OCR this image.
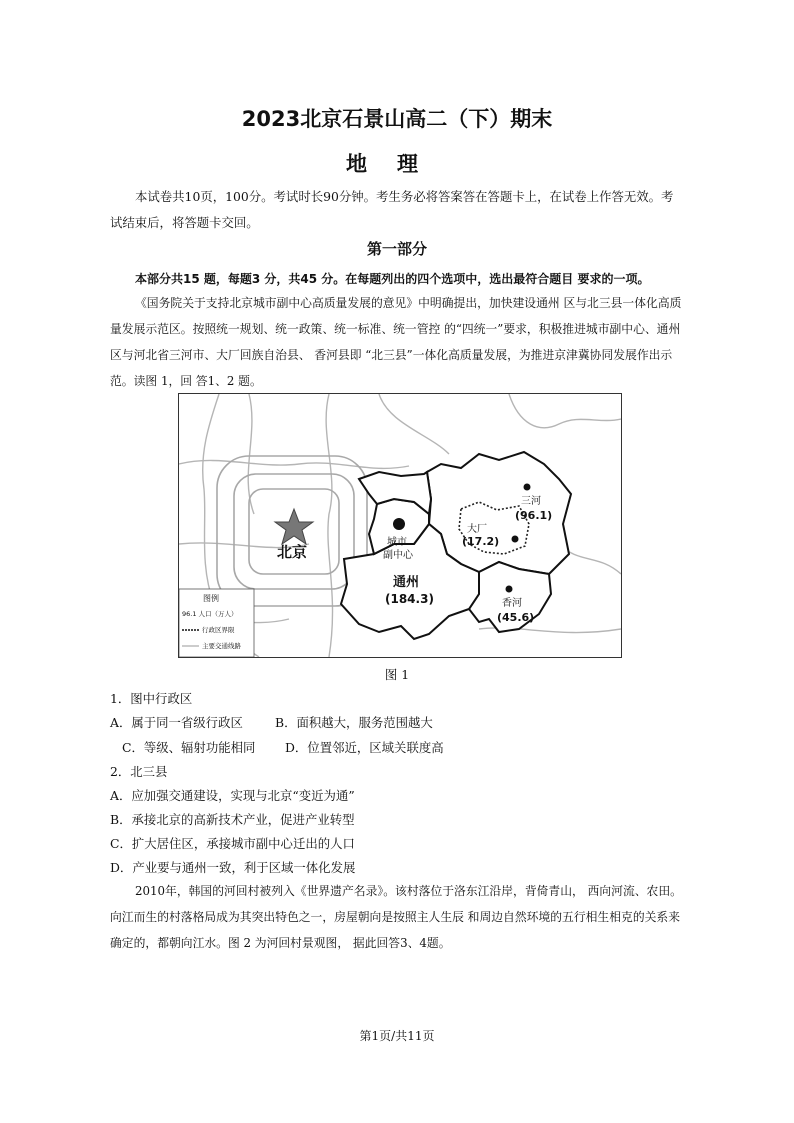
2023北京石景山高二（下）期末
地理
本试卷共10页，100分。考试时长90分钟。考生务必将答案答在答题卡上，在试卷上作答无效。考试结束后，将答题卡交回。
第一部分
本部分共15 题，每题3 分，共45 分。在每题列出的四个选项中，选出最符合题目 要求的一项。
《国务院关于支持北京城市副中心高质量发展的意见》中明确提出，加快建设通州 区与北三县一体化高质量发展示范区。按照统一规划、统一政策、统一标准、统一管控 的“四统一”要求，积极推进城市副中心、通州区与河北省三河市、大厂回族自治县、 香河县即 “北三县”一体化高质量发展，为推进京津冀协同发展作出示范。读图 1，回 答1、2 题。
北京
城市
副中心
通州
(184.3)
三河
(96.1)
大厂
(17.2)
香河
(45.6)
图例
96.1 人口（万人）
行政区界限
主要交通线路
图 1
1．图中行政区
A．属于同一省级行政区	B．面积越大，服务范围越大
C．等级、辐射功能相同 D．位置邻近，区域关联度高
2．北三县
A．应加强交通建设，实现与北京“变近为通”
B．承接北京的高新技术产业，促进产业转型
C．扩大居住区，承接城市副中心迁出的人口
D．产业要与通州一致，利于区域一体化发展
2010年，韩国的河回村被列入《世界遗产名录》。该村落位于洛东江沿岸，背倚青山， 西向河流、农田。向江而生的村落格局成为其突出特色之一，房屋朝向是按照主人生辰 和周边自然环境的五行相生相克的关系来确定的，都朝向江水。图 2 为河回村景观图， 据此回答3、4题。
第1页/共11页
